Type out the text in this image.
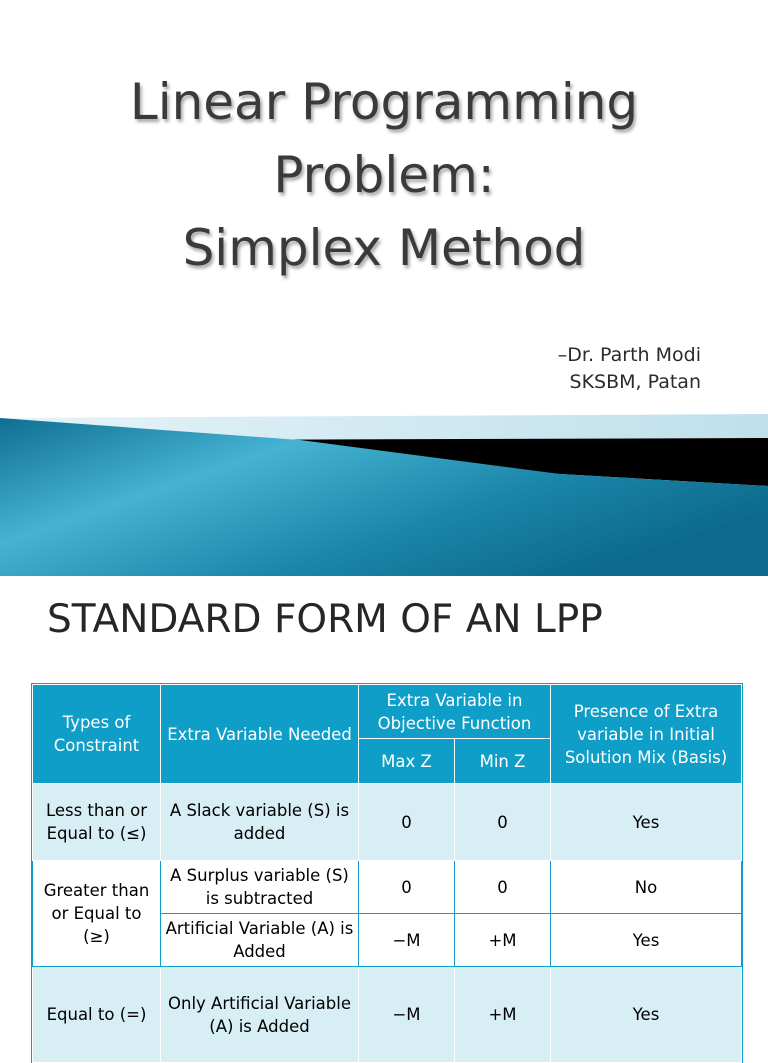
Linear Programming
Problem:
Simplex Method
–Dr. Parth Modi
SKSBM, Patan
STANDARD FORM OF AN LPP
Types of Constraint	Extra Variable Needed	Extra Variable in Objective Function		Presence of Extra variable in Initial Solution Mix (Basis)
		Max Z	Min Z	
Less than or Equal to (≤)	A Slack variable (S) is added	0	0	Yes
Greater than or Equal to (≥)	A Surplus variable (S) is subtracted	0	0	No
	Artificial Variable (A) is Added	−M	+M	Yes
Equal to (=)	Only Artificial Variable (A) is Added	−M	+M	Yes
